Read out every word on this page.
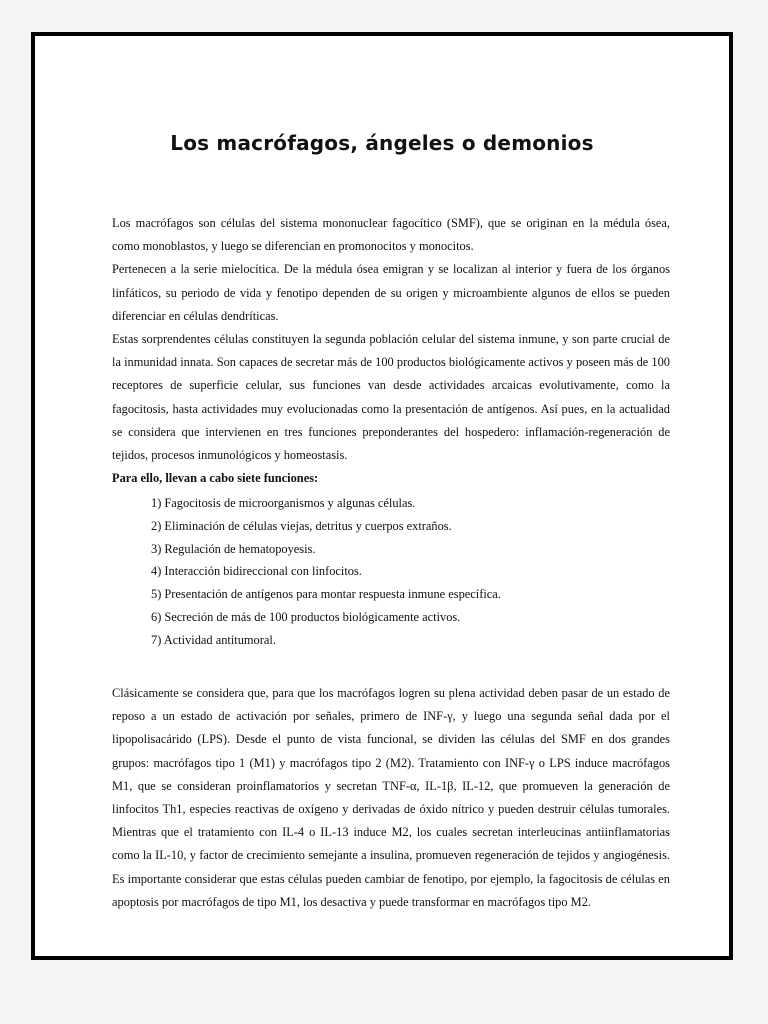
Los macrófagos, ángeles o demonios

Los macrófagos son células del sistema mononuclear fagocítico (SMF), que se originan en la médula ósea, como monoblastos, y luego se diferencian en promonocitos y monocitos.

Pertenecen a la serie mielocítica. De la médula ósea emigran y se localizan al interior y fuera de los órganos linfáticos, su periodo de vida y fenotipo dependen de su origen y microambiente algunos de ellos se pueden diferenciar en células dendríticas.

Estas sorprendentes células constituyen la segunda población celular del sistema inmune, y son parte crucial de la inmunidad innata. Son capaces de secretar más de 100 productos biológicamente activos y poseen más de 100 receptores de superficie celular, sus funciones van desde actividades arcaicas evolutivamente, como la fagocitosis, hasta actividades muy evolucionadas como la presentación de antígenos. Así pues, en la actualidad se considera que intervienen en tres funciones preponderantes del hospedero: inflamación-regeneración de tejidos, procesos inmunológicos y homeostasis.

Para ello, llevan a cabo siete funciones:

1) Fagocitosis de microorganismos y algunas células.
2) Eliminación de células viejas, detritus y cuerpos extraños.
3) Regulación de hematopoyesis.
4) Interacción bidireccional con linfocitos.
5) Presentación de antígenos para montar respuesta inmune específica.
6) Secreción de más de 100 productos biológicamente activos.
7) Actividad antitumoral.

Clásicamente se considera que, para que los macrófagos logren su plena actividad deben pasar de un estado de reposo a un estado de activación por señales, primero de INF-γ, y luego una segunda señal dada por el lipopolisacárido (LPS). Desde el punto de vista funcional, se dividen las células del SMF en dos grandes grupos: macrófagos tipo 1 (M1) y macrófagos tipo 2 (M2). Tratamiento con INF-γ o LPS induce macrófagos M1, que se consideran proinflamatorios y secretan TNF-α, IL-1β, IL-12, que promueven la generación de linfocitos Th1, especies reactivas de oxígeno y derivadas de óxido nítrico y pueden destruir células tumorales. Mientras que el tratamiento con IL-4 o IL-13 induce M2, los cuales secretan interleucinas antiinflamatorias como la IL-10, y factor de crecimiento semejante a insulina, promueven regeneración de tejidos y angiogénesis. Es importante considerar que estas células pueden cambiar de fenotipo, por ejemplo, la fagocitosis de células en apoptosis por macrófagos de tipo M1, los desactiva y puede transformar en macrófagos tipo M2.
